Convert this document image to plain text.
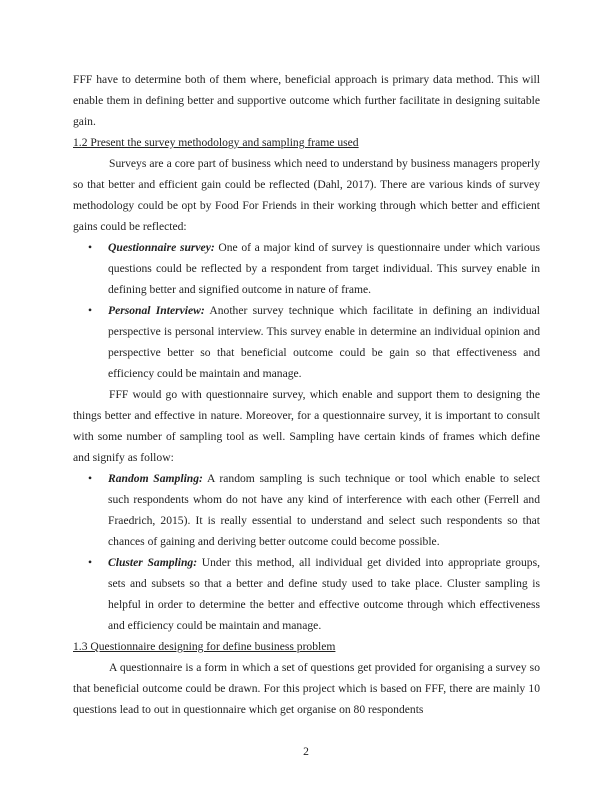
FFF have to determine both of them where, beneficial approach is primary data method. This will enable them in defining better and supportive outcome which further facilitate in designing suitable gain.

1.2 Present the survey methodology and sampling frame used

Surveys are a core part of business which need to understand by business managers properly so that better and efficient gain could be reflected (Dahl, 2017). There are various kinds of survey methodology could be opt by Food For Friends in their working through which better and efficient gains could be reflected:

• Questionnaire survey: One of a major kind of survey is questionnaire under which various questions could be reflected by a respondent from target individual. This survey enable in defining better and signified outcome in nature of frame.
• Personal Interview: Another survey technique which facilitate in defining an individual perspective is personal interview. This survey enable in determine an individual opinion and perspective better so that beneficial outcome could be gain so that effectiveness and efficiency could be maintain and manage.

FFF would go with questionnaire survey, which enable and support them to designing the things better and effective in nature. Moreover, for a questionnaire survey, it is important to consult with some number of sampling tool as well. Sampling have certain kinds of frames which define and signify as follow:

• Random Sampling: A random sampling is such technique or tool which enable to select such respondents whom do not have any kind of interference with each other (Ferrell and Fraedrich, 2015). It is really essential to understand and select such respondents so that chances of gaining and deriving better outcome could become possible.
• Cluster Sampling: Under this method, all individual get divided into appropriate groups, sets and subsets so that a better and define study used to take place. Cluster sampling is helpful in order to determine the better and effective outcome through which effectiveness and efficiency could be maintain and manage.

1.3 Questionnaire designing for define business problem

A questionnaire is a form in which a set of questions get provided for organising a survey so that beneficial outcome could be drawn. For this project which is based on FFF, there are mainly 10 questions lead to out in questionnaire which get organise on 80 respondents

2
